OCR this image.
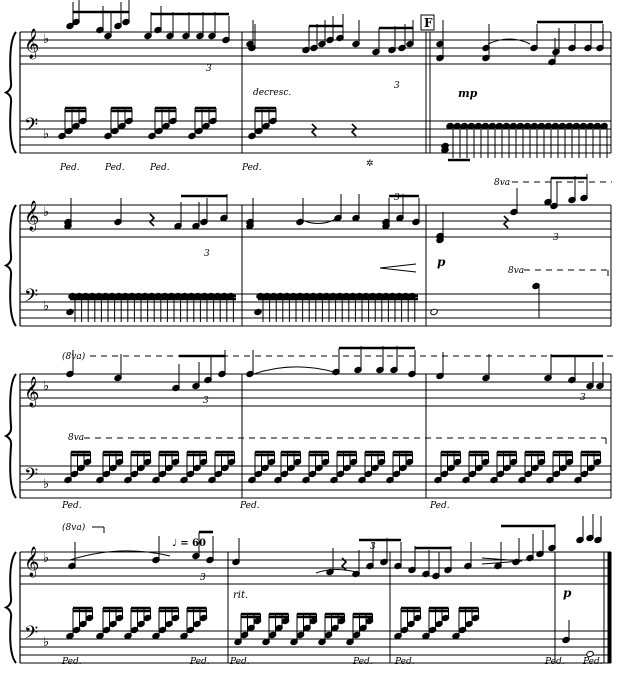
𝄞
𝄢
𝄞
𝄢
𝄞
𝄢
𝄞
𝄢
♭
♭
♭
♭
♭
♭
♭
♭
F
decresc.	mp
p
rit.	p
♩ = 60
8va
8va
(8va)
8va
(8va)
Ped.	Ped.	Ped.	Ped.	✲
Ped.	Ped.	Ped.
Ped.	Ped. Ped.	Ped. Ped.	Ped. Ped.
3
3
3
3
3
3	3
3
3
